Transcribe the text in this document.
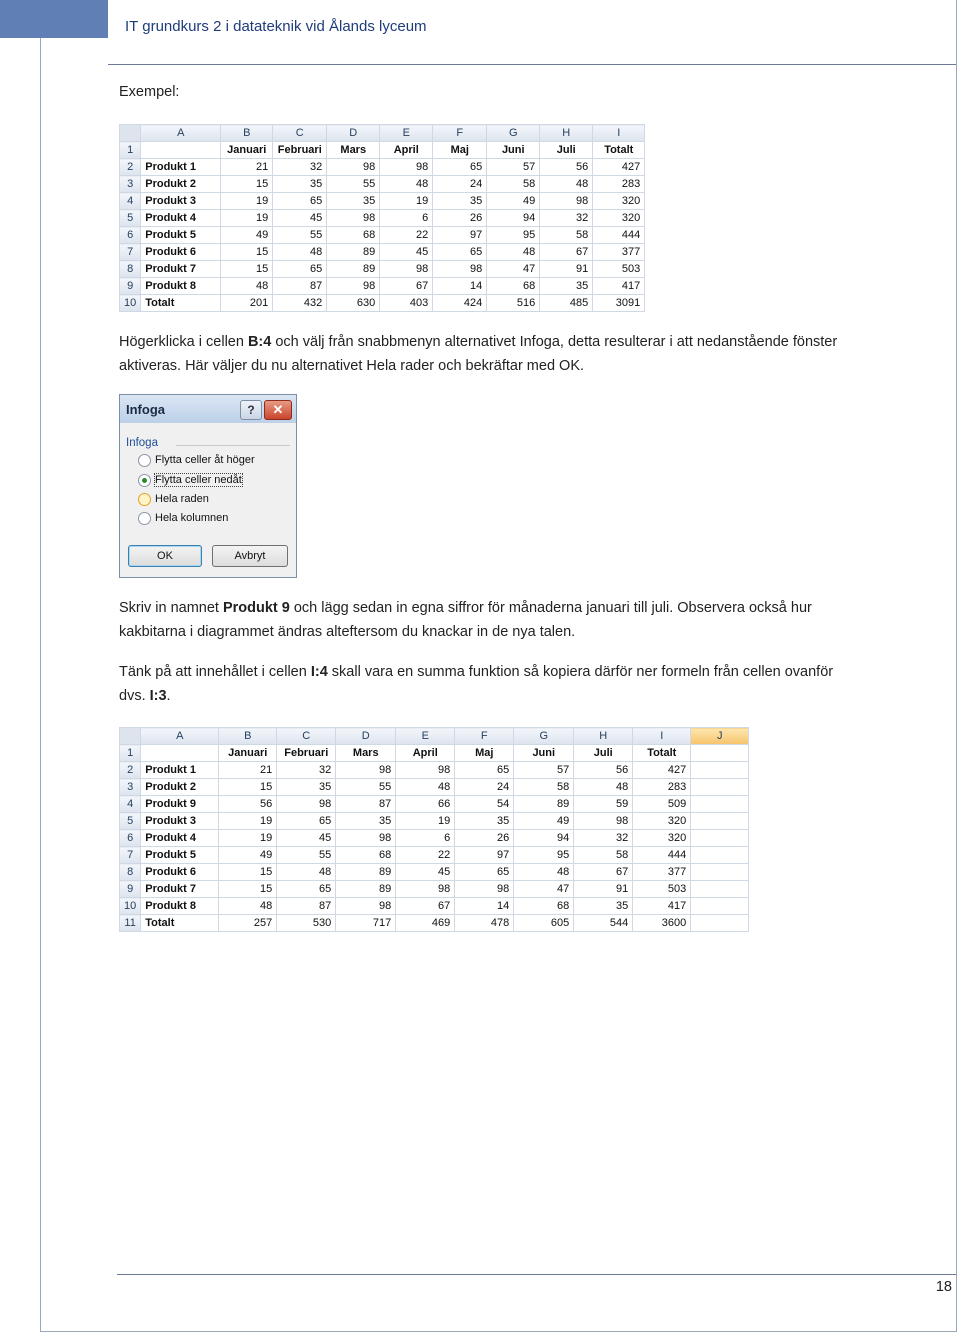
IT grundkurs 2 i datateknik vid Ålands lyceum
Exempel:
	A	B	C	D	E	F	G	H	I
1		Januari	Februari	Mars	April	Maj	Juni	Juli	Totalt
2	Produkt 1	21	32	98	98	65	57	56	427
3	Produkt 2	15	35	55	48	24	58	48	283
4	Produkt 3	19	65	35	19	35	49	98	320
5	Produkt 4	19	45	98	6	26	94	32	320
6	Produkt 5	49	55	68	22	97	95	58	444
7	Produkt 6	15	48	89	45	65	48	67	377
8	Produkt 7	15	65	89	98	98	47	91	503
9	Produkt 8	48	87	98	67	14	68	35	417
10	Totalt	201	432	630	403	424	516	485	3091
Högerklicka i cellen B:4 och välj från snabbmenyn alternativet Infoga, detta resulterar i att nedanstående fönster aktiveras. Här väljer du nu alternativet Hela rader och bekräftar med OK.
Infoga	?	✕
Infoga
Flytta celler åt höger
Flytta celler nedåt
Hela raden
Hela kolumnen
OK	Avbryt
Skriv in namnet Produkt 9 och lägg sedan in egna siffror för månaderna januari till juli. Observera också hur kakbitarna i diagrammet ändras alteftersom du knackar in de nya talen.
Tänk på att innehållet i cellen I:4 skall vara en summa funktion så kopiera därför ner formeln från cellen ovanför dvs. I:3.
	A	B	C	D	E	F	G	H	I	J
1		Januari	Februari	Mars	April	Maj	Juni	Juli	Totalt	
2	Produkt 1	21	32	98	98	65	57	56	427	
3	Produkt 2	15	35	55	48	24	58	48	283	
4	Produkt 9	56	98	87	66	54	89	59	509	
5	Produkt 3	19	65	35	19	35	49	98	320	
6	Produkt 4	19	45	98	6	26	94	32	320	
7	Produkt 5	49	55	68	22	97	95	58	444	
8	Produkt 6	15	48	89	45	65	48	67	377	
9	Produkt 7	15	65	89	98	98	47	91	503	
10	Produkt 8	48	87	98	67	14	68	35	417	
11	Totalt	257	530	717	469	478	605	544	3600	
18
